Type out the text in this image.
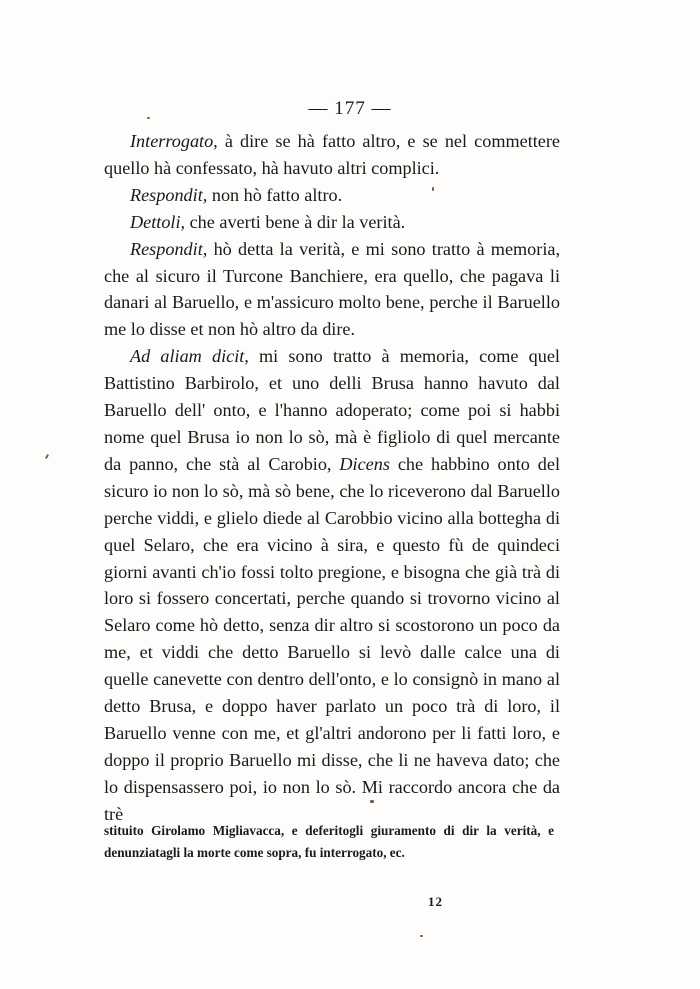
— 177 —

Interrogato, à dire se hà fatto altro, e se nel commettere quello hà confessato, hà havuto altri complici.

Respondit, non hò fatto altro.

Dettoli, che averti bene à dir la verità.

Respondit, hò detta la verità, e mi sono tratto à memoria, che al sicuro il Turcone Banchiere, era quello, che pagava li danari al Baruello, e m'assicuro molto bene, perche il Baruello me lo disse et non hò altro da dire.

Ad aliam dicit, mi sono tratto à memoria, come quel Battistino Barbirolo, et uno delli Brusa hanno havuto dal Baruello dell' onto, e l'hanno adoperato; come poi si habbi nome quel Brusa io non lo sò, mà è figliolo di quel mercante da panno, che stà al Carobio, Dicens che habbino onto del sicuro io non lo sò, mà sò bene, che lo riceverono dal Baruello perche viddi, e glielo diede al Carobbio vicino alla bottegha di quel Selaro, che era vicino à sira, e questo fù de quindeci giorni avanti ch'io fossi tolto pregione, e bisogna che già trà di loro si fossero concertati, perche quando si trovorno vicino al Selaro come hò detto, senza dir altro si scostorono un poco da me, et viddi che detto Baruello si levò dalle calce una di quelle canevette con dentro dell'onto, e lo consignò in mano al detto Brusa, e doppo haver parlato un poco trà di loro, il Baruello venne con me, et gl'altri andorono per li fatti loro, e doppo il proprio Baruello mi disse, che li ne haveva dato; che lo dispensassero poi, io non lo sò. Mi raccordo ancora che da trè

stituito Girolamo Migliavacca, e deferitogli giuramento di dir la verità, e denunziatagli la morte come sopra, fu interrogato, ec.
12
